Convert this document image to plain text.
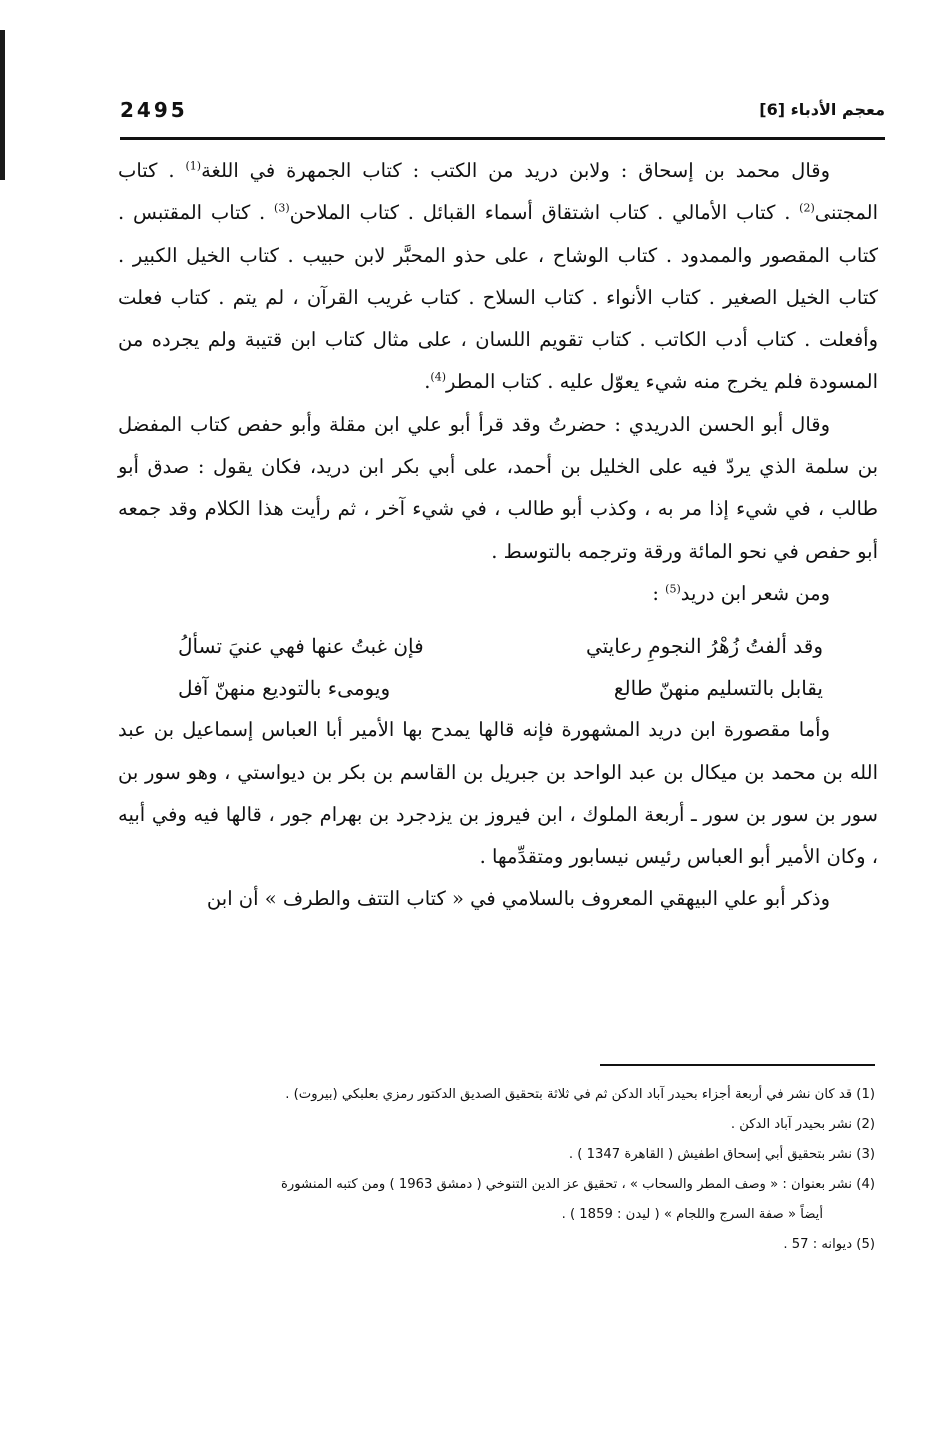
2495	معجم الأدباء [6]

وقال محمد بن إسحاق : ولابن دريد من الكتب : كتاب الجمهرة في اللغة$^{(1)}$ . كتاب المجتنى$^{(2)}$ . كتاب الأمالي . كتاب اشتقاق أسماء القبائل . كتاب الملاحن$^{(3)}$ . كتاب المقتبس . كتاب المقصور والممدود . كتاب الوشاح ، على حذو المحبَّر لابن حبيب . كتاب الخيل الكبير . كتاب الخيل الصغير . كتاب الأنواء . كتاب السلاح . كتاب غريب القرآن ، لم يتم . كتاب فعلت وأفعلت . كتاب أدب الكاتب . كتاب تقويم اللسان ، على مثال كتاب ابن قتيبة ولم يجرده من المسودة فلم يخرج منه شيء يعوّل عليه . كتاب المطر$^{(4)}$.

وقال أبو الحسن الدريدي : حضرتُ وقد قرأ أبو علي ابن مقلة وأبو حفص كتاب المفضل بن سلمة الذي يردّ فيه على الخليل بن أحمد، على أبي بكر ابن دريد، فكان يقول : صدق أبو طالب ، في شيء إذا مر به ، وكذب أبو طالب ، في شيء آخر ، ثم رأيت هذا الكلام وقد جمعه أبو حفص في نحو المائة ورقة وترجمه بالتوسط .

ومن شعر ابن دريد$^{(5)}$ :

وقد ألفتُ زُهْرُ النجومِ رعايتي
فإن غبتُ عنها فهي عنيَ تسألُ
يقابل بالتسليم منهنّ طالع
ويومىء بالتوديع منهنّ آفل

وأما مقصورة ابن دريد المشهورة فإنه قالها يمدح بها الأمير أبا العباس إسماعيل بن عبد الله بن محمد بن ميكال بن عبد الواحد بن جبريل بن القاسم بن بكر بن ديواستي ، وهو سور بن سور بن سور بن سور ـ أربعة الملوك ، ابن فيروز بن يزدجرد بن بهرام جور ، قالها فيه وفي أبيه ، وكان الأمير أبو العباس رئيس نيسابور ومتقدِّمها .

وذكر أبو علي البيهقي المعروف بالسلامي في « كتاب التتف والطرف » أن ابن

(1) قد كان نشر في أربعة أجزاء بحيدر آباد الدكن ثم في ثلاثة بتحقيق الصديق الدكتور رمزي بعلبكي (بيروت) .
(2) نشر بحيدر آباد الدكن .
(3) نشر بتحقيق أبي إسحاق اطفيش ( القاهرة 1347 ) .
(4) نشر بعنوان : « وصف المطر والسحاب » ، تحقيق عز الدين التنوخي ( دمشق 1963 ) ومن كتبه المنشورة
أيضاً « صفة السرج واللجام » ( ليدن : 1859 ) .
(5) ديوانه : 57 .
